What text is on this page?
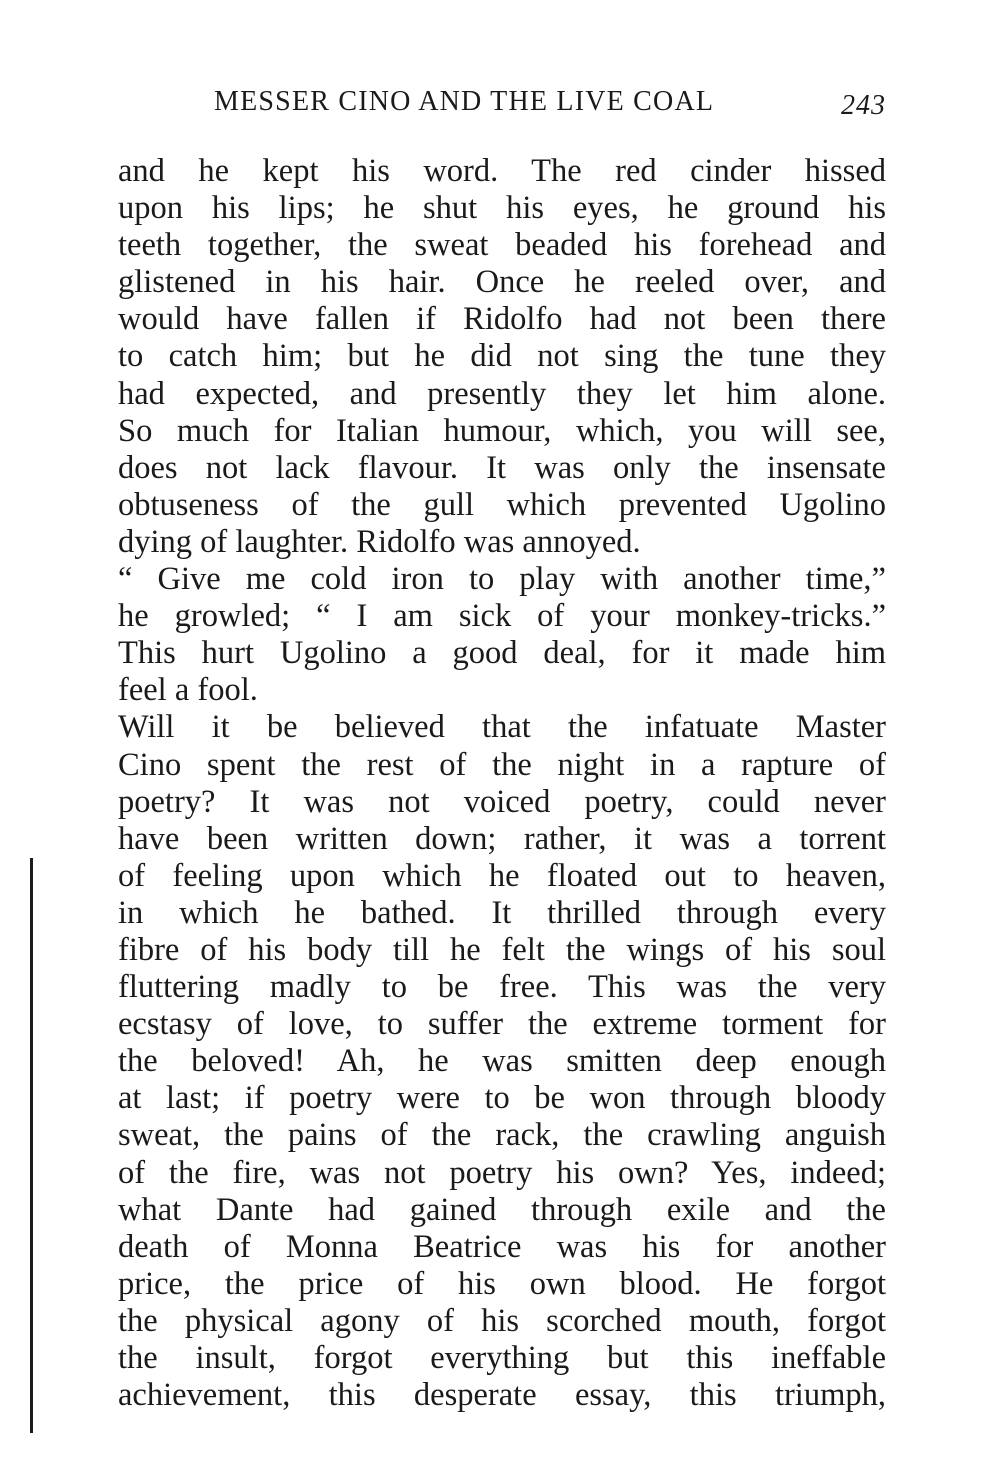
MESSER CINO AND THE LIVE COAL	243
and he kept his word. The red cinder hissed
upon his lips; he shut his eyes, he ground his
teeth together, the sweat beaded his forehead and
glistened in his hair. Once he reeled over, and
would have fallen if Ridolfo had not been there
to catch him; but he did not sing the tune they
had expected, and presently they let him alone.
So much for Italian humour, which, you will see,
does not lack flavour. It was only the insensate
obtuseness of the gull which prevented Ugolino
dying of laughter. Ridolfo was annoyed.
“ Give me cold iron to play with another time,”
he growled; “ I am sick of your monkey-tricks.”
This hurt Ugolino a good deal, for it made him
feel a fool.
Will it be believed that the infatuate Master
Cino spent the rest of the night in a rapture of
poetry? It was not voiced poetry, could never
have been written down; rather, it was a torrent
of feeling upon which he floated out to heaven,
in which he bathed. It thrilled through every
fibre of his body till he felt the wings of his soul
fluttering madly to be free. This was the very
ecstasy of love, to suffer the extreme torment for
the beloved! Ah, he was smitten deep enough
at last; if poetry were to be won through bloody
sweat, the pains of the rack, the crawling anguish
of the fire, was not poetry his own? Yes, indeed;
what Dante had gained through exile and the
death of Monna Beatrice was his for another
price, the price of his own blood. He forgot
the physical agony of his scorched mouth, forgot
the insult, forgot everything but this ineffable
achievement, this desperate essay, this triumph,
